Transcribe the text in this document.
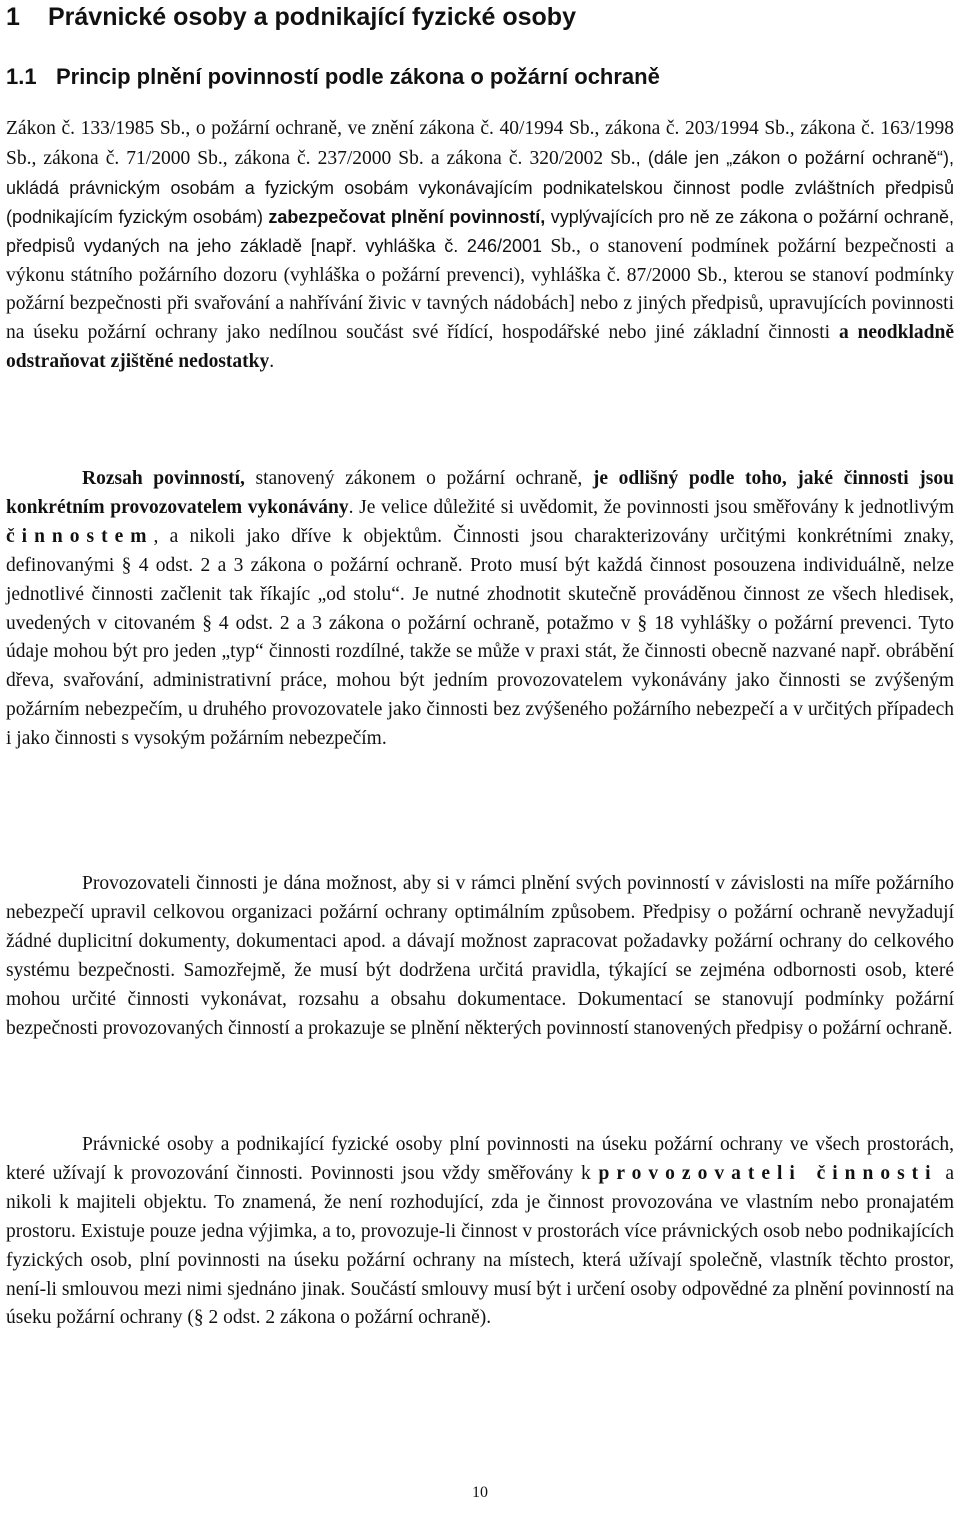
1 Právnické osoby a podnikající fyzické osoby
1.1 Princip plnění povinností podle zákona o požární ochraně

Zákon č. 133/1985 Sb., o požární ochraně, ve znění zákona č. 40/1994 Sb., zákona č. 203/1994 Sb., zákona č. 163/1998 Sb., zákona č. 71/2000 Sb., zákona č. 237/2000 Sb. a zákona č. 320/2002 Sb., (dále jen „zákon o požární ochraně“), ukládá právnickým osobám a fyzickým osobám vykonávajícím podnikatelskou činnost podle zvláštních předpisů (podnikajícím fyzickým osobám) zabezpečovat plnění povinností, vyplývajících pro ně ze zákona o požární ochraně, předpisů vydaných na jeho základě [např. vyhláška č. 246/2001 Sb., o stanovení podmínek požární bezpečnosti a výkonu státního požárního dozoru (vyhláška o požární prevenci), vyhláška č. 87/2000 Sb., kterou se stanoví podmínky požární bezpečnosti při svařování a nahřívání živic v tavných nádobách] nebo z jiných předpisů, upravujících povinnosti na úseku požární ochrany jako nedílnou součást své řídící, hospodářské nebo jiné základní činnosti a neodkladně odstraňovat zjištěné nedostatky.

Rozsah povinností, stanovený zákonem o požární ochraně, je odlišný podle toho, jaké činnosti jsou konkrétním provozovatelem vykonávány. Je velice důležité si uvědomit, že povinnosti jsou směřovány k jednotlivým činnostem, a nikoli jako dříve k objektům. Činnosti jsou charakterizovány určitými konkrétními znaky, definovanými § 4 odst. 2 a 3 zákona o požární ochraně. Proto musí být každá činnost posouzena individuálně, nelze jednotlivé činnosti začlenit tak říkajíc „od stolu“. Je nutné zhodnotit skutečně prováděnou činnost ze všech hledisek, uvedených v citovaném § 4 odst. 2 a 3 zákona o požární ochraně, potažmo v § 18 vyhlášky o požární prevenci. Tyto údaje mohou být pro jeden „typ“ činnosti rozdílné, takže se může v praxi stát, že činnosti obecně nazvané např. obrábění dřeva, svařování, administrativní práce, mohou být jedním provozovatelem vykonávány jako činnosti se zvýšeným požárním nebezpečím, u druhého provozovatele jako činnosti bez zvýšeného požárního nebezpečí a v určitých případech i jako činnosti s vysokým požárním nebezpečím.

Provozovateli činnosti je dána možnost, aby si v rámci plnění svých povinností v závislosti na míře požárního nebezpečí upravil celkovou organizaci požární ochrany optimálním způsobem. Předpisy o požární ochraně nevyžadují žádné duplicitní dokumenty, dokumentaci apod. a dávají možnost zapracovat požadavky požární ochrany do celkového systému bezpečnosti. Samozřejmě, že musí být dodržena určitá pravidla, týkající se zejména odbornosti osob, které mohou určité činnosti vykonávat, rozsahu a obsahu dokumentace. Dokumentací se stanovují podmínky požární bezpečnosti provozovaných činností a prokazuje se plnění některých povinností stanovených předpisy o požární ochraně.

Právnické osoby a podnikající fyzické osoby plní povinnosti na úseku požární ochrany ve všech prostorách, které užívají k provozování činnosti. Povinnosti jsou vždy směřovány k provozovateli činnosti a nikoli k majiteli objektu. To znamená, že není rozhodující, zda je činnost provozována ve vlastním nebo pronajatém prostoru. Existuje pouze jedna výjimka, a to, provozuje-li činnost v prostorách více právnických osob nebo podnikajících fyzických osob, plní povinnosti na úseku požární ochrany na místech, která užívají společně, vlastník těchto prostor, není-li smlouvou mezi nimi sjednáno jinak. Součástí smlouvy musí být i určení osoby odpovědné za plnění povinností na úseku požární ochrany (§ 2 odst. 2 zákona o požární ochraně).

10
